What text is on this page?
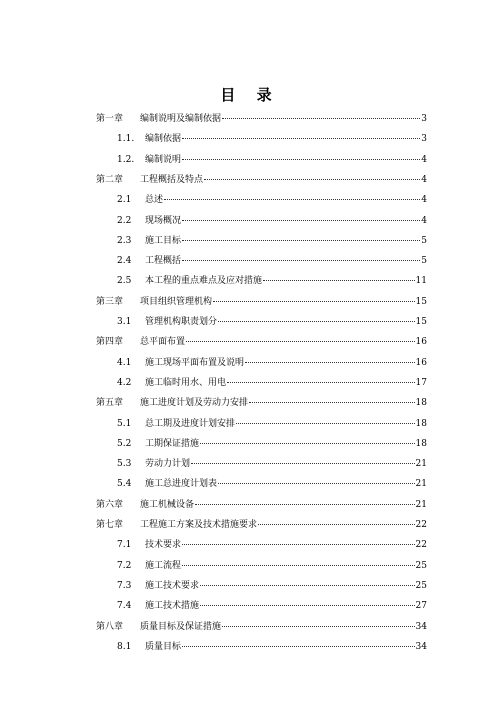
目 录
第一章	编制说明及编制依据	3
1.1.	编制依据	3
1.2.	编制说明	4
第二章	工程概括及特点	4
2.1	总述	4
2.2	现场概况	4
2.3	施工目标	5
2.4	工程概括	5
2.5	本工程的重点难点及应对措施	11
第三章	项目组织管理机构	15
3.1	管理机构职责划分	15
第四章	总平面布置	16
4.1	施工现场平面布置及说明	16
4.2	施工临时用水、用电	17
第五章	施工进度计划及劳动力安排	18
5.1	总工期及进度计划安排	18
5.2	工期保证措施	18
5.3	劳动力计划	21
5.4	施工总进度计划表	21
第六章	施工机械设备	21
第七章	工程施工方案及技术措施要求	22
7.1	技术要求	22
7.2	施工流程	25
7.3	施工技术要求	25
7.4	施工技术措施	27
第八章	质量目标及保证措施	34
8.1	质量目标	34
